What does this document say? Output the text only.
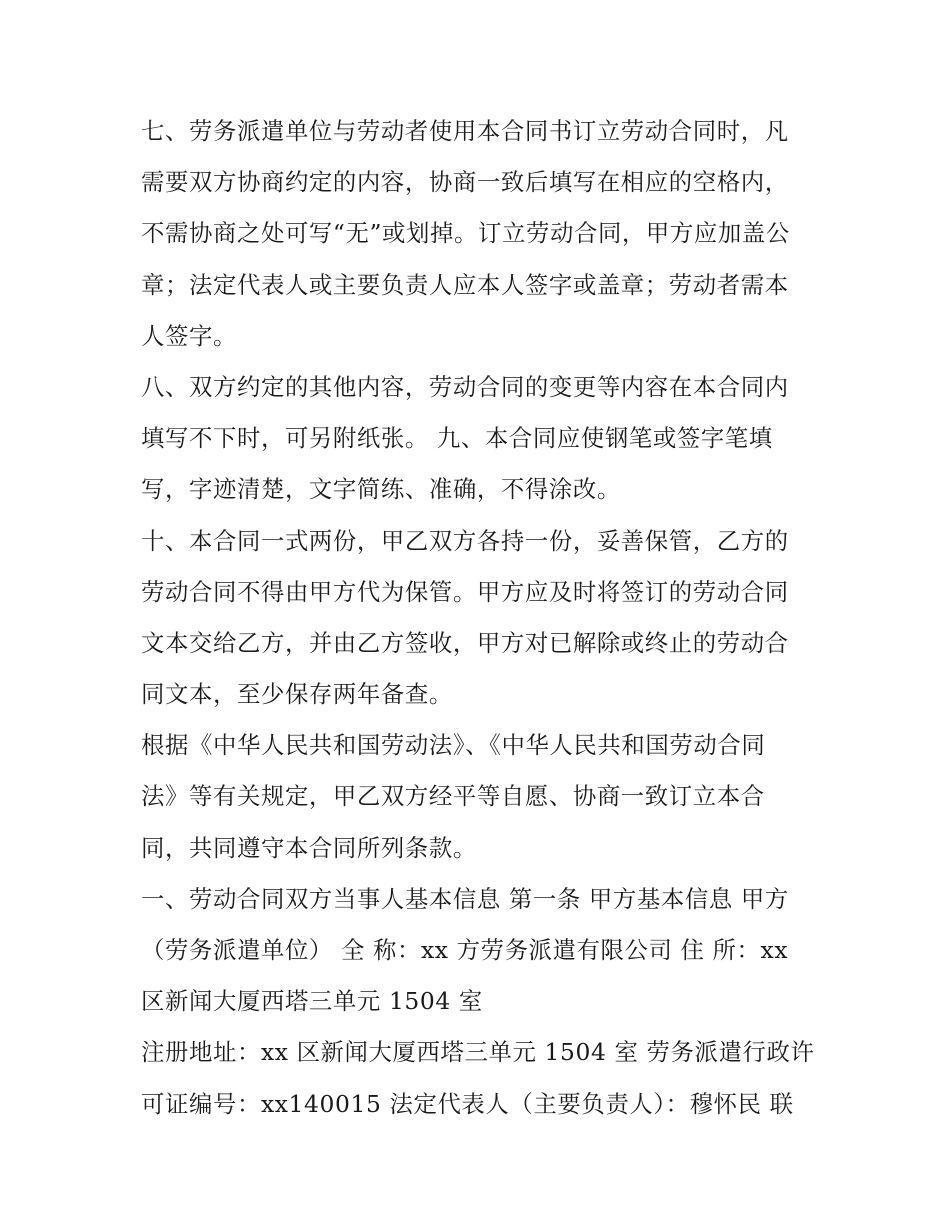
七、劳务派遣单位与劳动者使用本合同书订立劳动合同时，凡
需要双方协商约定的内容，协商一致后填写在相应的空格内，
不需协商之处可写“无”或划掉。订立劳动合同，甲方应加盖公
章；法定代表人或主要负责人应本人签字或盖章；劳动者需本
人签字。

八、双方约定的其他内容，劳动合同的变更等内容在本合同内
填写不下时，可另附纸张。 九、本合同应使钢笔或签字笔填
写，字迹清楚，文字简练、准确，不得涂改。

十、本合同一式两份，甲乙双方各持一份，妥善保管，乙方的
劳动合同不得由甲方代为保管。甲方应及时将签订的劳动合同
文本交给乙方，并由乙方签收，甲方对已解除或终止的劳动合
同文本，至少保存两年备查。

根据《中华人民共和国劳动法》、《中华人民共和国劳动合同
法》等有关规定，甲乙双方经平等自愿、协商一致订立本合
同，共同遵守本合同所列条款。

一、劳动合同双方当事人基本信息 第一条 甲方基本信息 甲方
（劳务派遣单位） 全 称：xx 方劳务派遣有限公司 住 所：xx
区新闻大厦西塔三单元 1504 室

注册地址：xx 区新闻大厦西塔三单元 1504 室 劳务派遣行政许
可证编号：xx140015 法定代表人（主要负责人）：穆怀民 联
